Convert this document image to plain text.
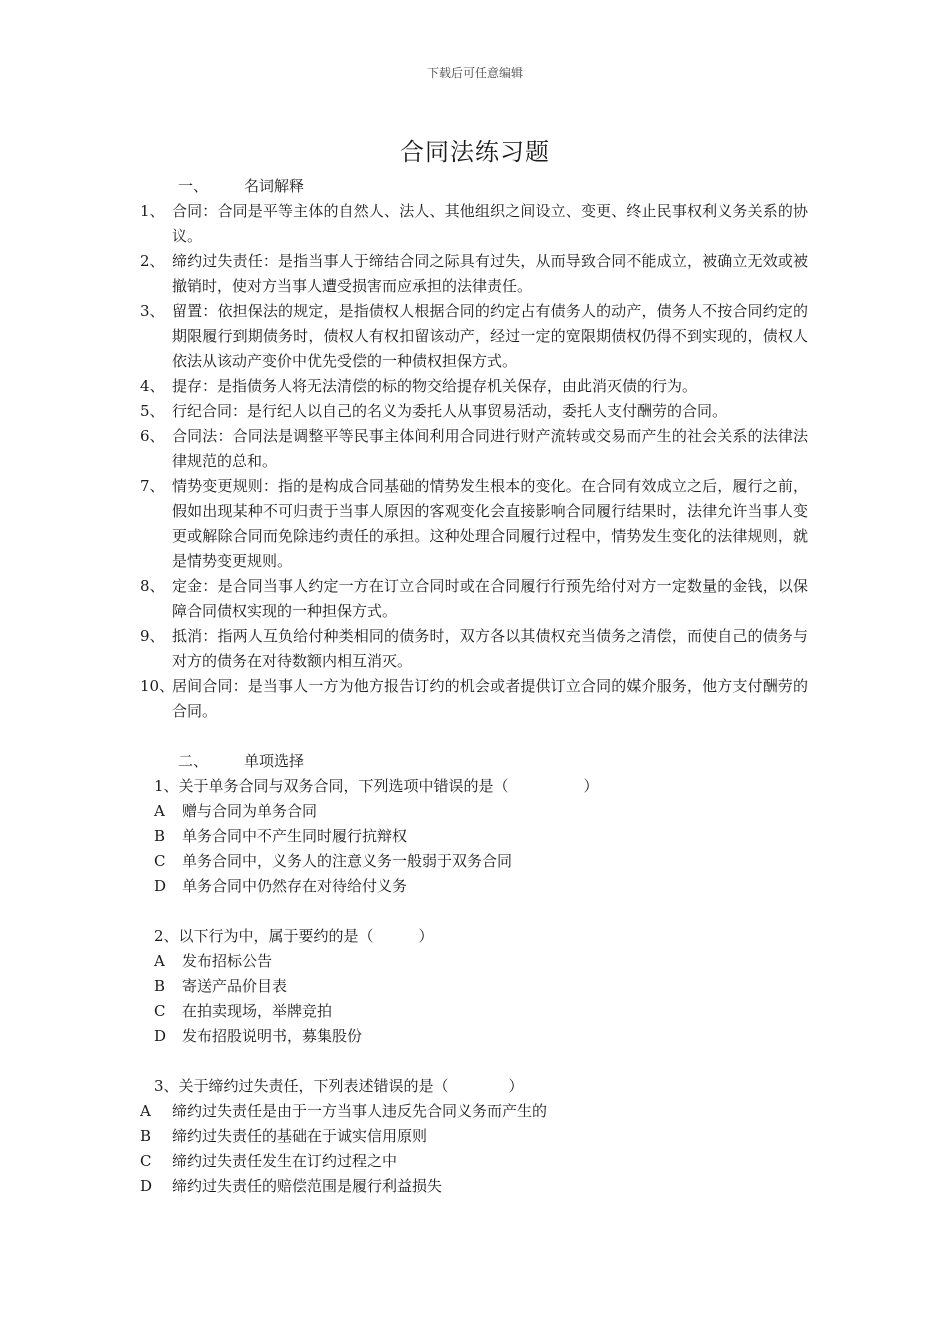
下载后可任意编辑
合同法练习题
一、	名词解释
1、 合同：合同是平等主体的自然人、法人、其他组织之间设立、变更、终止民事权利义务关系的协议。
2、 缔约过失责任：是指当事人于缔结合同之际具有过失，从而导致合同不能成立，被确立无效或被撤销时，使对方当事人遭受损害而应承担的法律责任。
3、 留置：依担保法的规定，是指债权人根据合同的约定占有债务人的动产，债务人不按合同约定的期限履行到期债务时，债权人有权扣留该动产，经过一定的宽限期债权仍得不到实现的，债权人依法从该动产变价中优先受偿的一种债权担保方式。
4、 提存：是指债务人将无法清偿的标的物交给提存机关保存，由此消灭债的行为。
5、 行纪合同：是行纪人以自己的名义为委托人从事贸易活动，委托人支付酬劳的合同。
6、 合同法：合同法是调整平等民事主体间利用合同进行财产流转或交易而产生的社会关系的法律法律规范的总和。
7、 情势变更规则：指的是构成合同基础的情势发生根本的变化。在合同有效成立之后，履行之前，假如出现某种不可归责于当事人原因的客观变化会直接影响合同履行结果时，法律允许当事人变更或解除合同而免除违约责任的承担。这种处理合同履行过程中，情势发生变化的法律规则，就是情势变更规则。
8、 定金：是合同当事人约定一方在订立合同时或在合同履行行预先给付对方一定数量的金钱，以保障合同债权实现的一种担保方式。
9、 抵消：指两人互负给付种类相同的债务时，双方各以其债权充当债务之清偿，而使自己的债务与对方的债务在对待数额内相互消灭。
10、
居间合同：是当事人一方为他方报告订约的机会或者提供订立合同的媒介服务，他方支付酬劳的合同。
二、	单项选择
1、关于单务合同与双务合同，下列选项中错误的是（　　　　　）
A	赠与合同为单务合同
B	单务合同中不产生同时履行抗辩权
C	单务合同中，义务人的注意义务一般弱于双务合同
D	单务合同中仍然存在对待给付义务
2、以下行为中，属于要约的是（　　　）
A	发布招标公告
B	寄送产品价目表
C	在拍卖现场，举牌竞拍
D	发布招股说明书，募集股份
3、关于缔约过失责任，下列表述错误的是（　　　　）
A	缔约过失责任是由于一方当事人违反先合同义务而产生的
B	缔约过失责任的基础在于诚实信用原则
C	缔约过失责任发生在订约过程之中
D	缔约过失责任的赔偿范围是履行利益损失
